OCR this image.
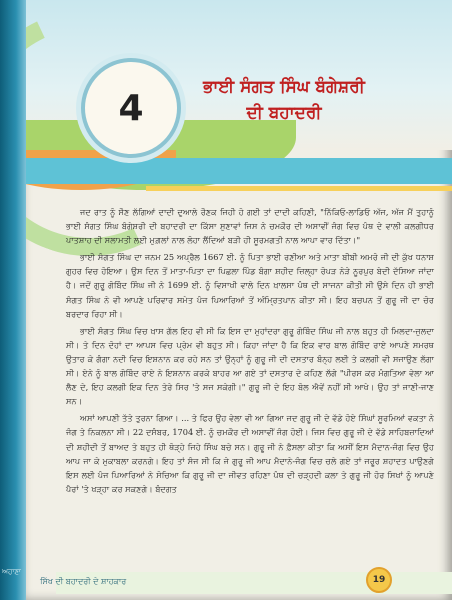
ਅਹਾਣਾ
4
ਭਾਈ ਸੰਗਤ ਸਿੰਘ ਬੰਗੇਸ਼ਰੀ
ਦੀ ਬਹਾਦਰੀ

ਜਦ ਰਾਤ ਨੂੰ ਸੌਣ ਲੱਗਿਆਂ ਦਾਦੀ ਦੁਆਲੇ ਰੌਣਕ ਜਿਹੀ ਹੋ ਗਈ ਤਾਂ ਦਾਦੀ ਕਹਿਣੀ, "ਨਿੱਕਿਓ-ਲਾਡਿਓ ਅੱਜ, ਅੱਜ ਮੈਂ ਤੁਹਾਨੂੰ ਭਾਈ ਸੰਗਤ ਸਿੰਘ ਬੰਗੇਸ਼ਰੀ ਦੀ ਬਹਾਦਰੀ ਦਾ ਕਿੱਸਾ ਸੁਣਾਵਾਂ ਜਿਸ ਨੇ ਚਮਕੌਰ ਦੀ ਅਸਾਵੀਂ ਜੰਗ ਵਿਚ ਪੰਥ ਦੇ ਵਾਲੀ ਕਲਗੀਧਰ ਪਾਤਸ਼ਾਹ ਦੀ ਸਲਾਮਤੀ ਲਈ ਮੁਗ਼ਲਾਂ ਨਾਲ ਲੋਹਾ ਲੈਂਦਿਆਂ ਬੜੀ ਹੀ ਸੂਰਮਗਤੀ ਨਾਲ ਆਪਾ ਵਾਰ ਦਿੱਤਾ।"

ਭਾਈ ਸੰਗਤ ਸਿੰਘ ਦਾ ਜਨਮ 25 ਅਪ੍ਰੈਲ 1667 ਈ. ਨੂੰ ਪਿਤਾ ਭਾਈ ਰਣੀਆ ਅਤੇ ਮਾਤਾ ਬੀਬੀ ਅਮਰੋ ਜੀ ਦੀ ਕੁੱਖ ਧਨਾਸ਼ ਗੁਹਰ ਵਿਚ ਹੋਇਆ। ਉਸ ਦਿਨ ਤੋਂ ਮਾਤਾ-ਪਿਤਾ ਦਾ ਪਿਛਲਾ ਪਿੰਡ ਬੰਗਾ ਸ਼ਹੀਦ ਜ਼ਿਲ੍ਹਾ ਰੋਪੜ ਨੇੜੇ ਨੂਰਪੁਰ ਬੇਦੀ ਦੱਸਿਆ ਜਾਂਦਾ ਹੈ। ਜਦੋਂ ਗੁਰੂ ਗੋਬਿੰਦ ਸਿੰਘ ਜੀ ਨੇ 1699 ਈ. ਨੂੰ ਵਿਸਾਖੀ ਵਾਲੇ ਦਿਨ ਖ਼ਾਲਸਾ ਪੰਥ ਦੀ ਸਾਜਨਾ ਕੀਤੀ ਸੀ ਉਸੇ ਦਿਨ ਹੀ ਭਾਈ ਸੰਗਤ ਸਿੰਘ ਨੇ ਵੀ ਆਪਣੇ ਪਰਿਵਾਰ ਸਮੇਤ ਪੰਜ ਪਿਆਰਿਆਂ ਤੋਂ ਅੰਮ੍ਰਿਤਪਾਨ ਕੀਤਾ ਸੀ। ਇਹ ਬਚਪਨ ਤੋਂ ਗੁਰੂ ਜੀ ਦਾ ਚੋਰ ਬਰਦਾਰ ਰਿਹਾ ਸੀ।

ਭਾਈ ਸੰਗਤ ਸਿੰਘ ਵਿਚ ਖ਼ਾਸ ਗੱਲ ਇਹ ਵੀ ਸੀ ਕਿ ਇਸ ਦਾ ਮੁਹਾਂਦਰਾ ਗੁਰੂ ਗੋਬਿੰਦ ਸਿੰਘ ਜੀ ਨਾਲ ਬਹੁਤ ਹੀ ਮਿਲਦਾ-ਜੁਲਦਾ ਸੀ। ਤੇ ਦਿਨ ਦੋਹਾਂ ਦਾ ਆਪਸ ਵਿਚ ਪ੍ਰੇਮ ਵੀ ਬਹੁਤ ਸੀ। ਕਿਹਾ ਜਾਂਦਾ ਹੈ ਕਿ ਇਕ ਵਾਰ ਬਾਲ ਗੋਬਿੰਦ ਰਾਏ ਆਪਣੇ ਸਮਰਥ ਉਤਾਰ ਕੇ ਗੰਗਾ ਨਦੀ ਵਿਚ ਇਸ਼ਨਾਨ ਕਰ ਰਹੇ ਸਨ ਤਾਂ ਉਨ੍ਹਾਂ ਨੂੰ ਗੁਰੂ ਜੀ ਦੀ ਦਸਤਾਰ ਬੰਨ੍ਹ ਲਈ ਤੇ ਕਲਗੀ ਵੀ ਸਜਾਉਣ ਲੱਗਾ ਸੀ। ਏਨੇ ਨੂੰ ਬਾਲ ਗੋਬਿੰਦ ਰਾਏ ਨੇ ਇਸ਼ਨਾਨ ਕਰਕੇ ਬਾਹਰ ਆ ਗਏ ਤਾਂ ਦਸਤਾਰ ਦੇ ਕਹਿਣ ਲੱਗੇ "ਪੀਰਸ ਕਰ ਮੰਗਤਿਆ ਵੇਲਾ ਆ ਲੈਣ ਦੇ, ਇਹ ਕਲਗੀ ਇਕ ਦਿਨ ਤੇਰੇ ਸਿਰ 'ਤੇ ਸਜ ਸਕੇਗੀ।" ਗੁਰੂ ਜੀ ਦੇ ਇਹ ਬੋਲ ਐਵੇਂ ਨਹੀਂ ਸੀ ਆਖੇ। ਉਹ ਤਾਂ ਜਾਣੀ-ਜਾਣ ਸਨ।

ਅਸਾਂ ਆਪਣੀ ਤੱਤੇ ਤੁਰਨਾ ਗਿਆ। ... ਤੇ ਫਿਰ ਉਹ ਵੇਲਾ ਵੀ ਆ ਗਿਆ ਜਦ ਗੁਰੂ ਜੀ ਦੇ ਵੱਡੇ ਹੋਏ ਸਿੰਘਾਂ ਸੂਰਮਿਆਂ ਵਕਤਾ ਨੇ ਜੰਗ ਤੇ ਨਿਕਲਨਾ ਸੀ। 22 ਦਸੰਬਰ, 1704 ਈ. ਨੂੰ ਚਮਕੌਰ ਦੀ ਅਸਾਵੀਂ ਜੰਗ ਹੋਈ। ਜਿਸ ਵਿਚ ਗੁਰੂ ਜੀ ਦੇ ਵੱਡੇ ਸਾਹਿਬਜ਼ਾਦਿਆਂ ਦੀ ਸ਼ਹੀਦੀ ਤੋਂ ਬਾਅਦ ਤੇ ਬਹੁਤ ਹੀ ਥੋੜ੍ਹੇ ਜਿਹੇ ਸਿੰਘ ਬਚੇ ਸਨ। ਗੁਰੂ ਜੀ ਨੇ ਫ਼ੈਸਲਾ ਕੀਤਾ ਕਿ ਅਸੀਂ ਇਸ ਮੈਦਾਨ-ਜੰਗ ਵਿਚ ਉਹ ਆਪ ਜਾ ਕੇ ਮੁਕਾਬਲਾ ਕਰਨਗੇ। ਇਹ ਤਾਂ ਸੰਜ ਸੀ ਕਿ ਜੇ ਗੁਰੂ ਜੀ ਆਪ ਮੈਦਾਨੇ-ਜੰਗ ਵਿਚ ਚਲੇ ਗਏ ਤਾਂ ਜਰੂਰ ਸ਼ਹਾਦਤ ਪਾਉਣਗੇ ਇਸ ਲਈ ਪੰਜ ਪਿਆਰਿਆਂ ਨੇ ਸੋਚਿਆ ਕਿ ਗੁਰੂ ਜੀ ਦਾ ਜੀਵਤ ਰਹਿਣਾ ਪੰਥ ਦੀ ਚੜ੍ਹਦੀ ਕਲਾ ਤੇ ਗੁਰੂ ਜੀ ਹੋਰ ਸਿਖਾਂ ਨੂੰ ਆਪਣੇ ਪੈਰਾਂ 'ਤੇ ਖੜ੍ਹਾ ਕਰ ਸਕਣਗੇ। ਬੰਦਗਤ

ਸਿੱਖ ਦੀ ਬਹਾਦਰੀ ਦੇ ਸ਼ਾਹਕਾਰ	19
